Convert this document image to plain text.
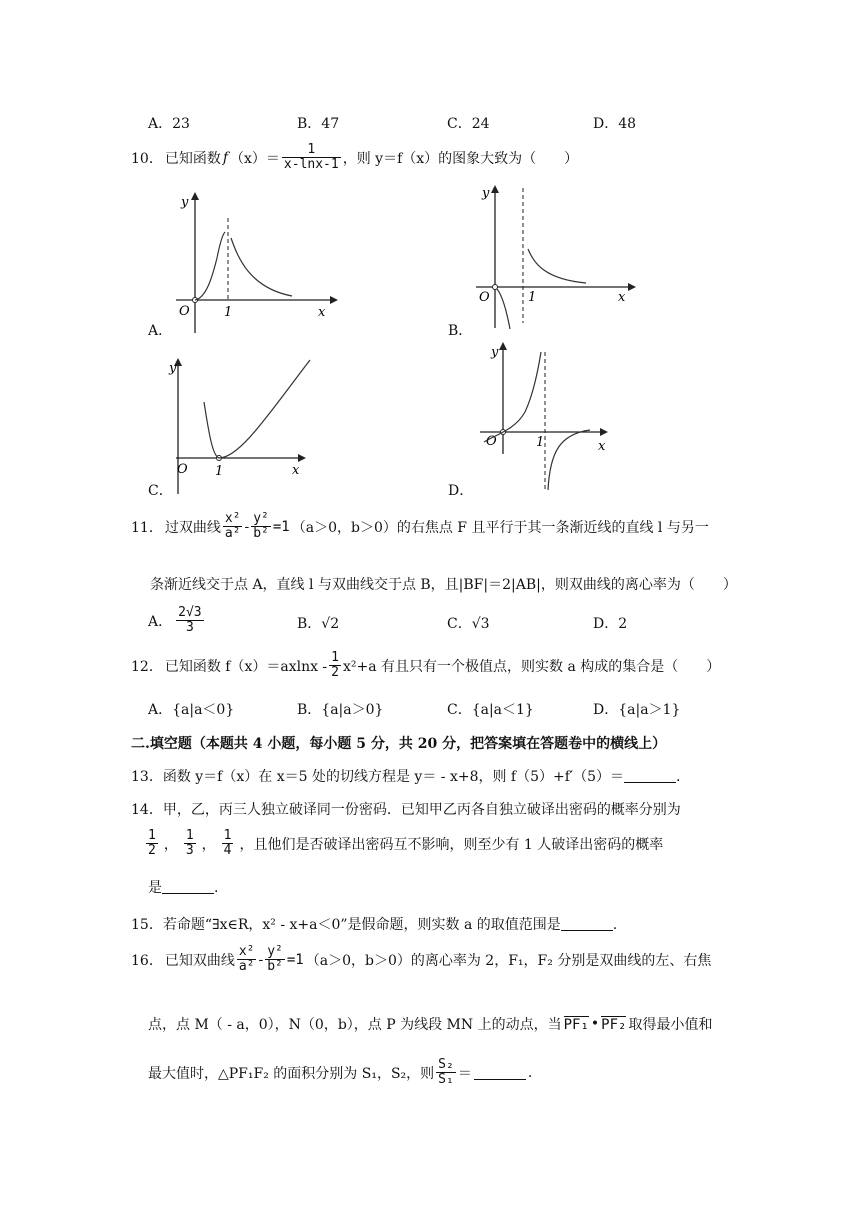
A．23	B．47	C．24	D．48
10． 已知函数 f $(x)= \frac{1}{x-\ln x-1}$ ，则 y＝f（x）的图象大致为（　　）
A．
y
x
O	1
B．
y
x
O	1
C．
y
x
O 1
D．
y
x
O	1
11． 过双曲线 $\frac{\text{x²}}{\text{a²}} - \frac{\text{y²}}{\text{b²}} =1$ （a＞0，b＞0）的右焦点 F 且平行于其一条渐近线的直线 l 与另一
条渐近线交于点 A，直线 l 与双曲线交于点 B，且|BF|＝2|AB|，则双曲线的离心率为（　　）
A． $\frac{2√3}{3}$	B．√2	C．√3	D．2
12． 已知函数 $f(x)=axlnx - \frac{1}{2} x^2+a$ 有且只有一个极值点，则实数 a 构成的集合是（　　）
A．{a|a＜0}	B．{a|a＞0}	C．{a|a＜1}	D．{a|a＞1}
二.填空题（本题共 4 小题，每小题 5 分，共 20 分，把答案填在答题卷中的横线上）
13．函数 y＝f（x）在 x＝5 处的切线方程是 y＝ - x+8，则 f（5）+f′（5）＝	.
14．甲，乙，丙三人独立破译同一份密码．已知甲乙丙各自独立破译出密码的概率分别为
$\frac{1}{2}$ ， $\frac{1}{3}$ ， $\frac{1}{4}$ ，且他们是否破译出密码互不影响，则至少有 1 人破译出密码的概率
是	.
15．若命题“∃x∈R，x² - x+a＜0”是假命题，则实数 a 的取值范围是	.
16． 已知双曲线 $\frac{\text{x²}}{\text{a²}} - \frac{\text{y²}}{\text{b²}} =1$ （a＞0，b＞0）的离心率为 2，F₁，F₂ 分别是双曲线的左、右焦
点，点 M（ - a，0），N（0，b），点 P 为线段 MN 上的动点，当 PF₁ • PF₂ 取得最小值和
最大值时，△PF₁F₂ 的面积分别为 S₁，S₂，则 $\frac{\text{S₂}}{\text{S₁}}$ ＝	.
